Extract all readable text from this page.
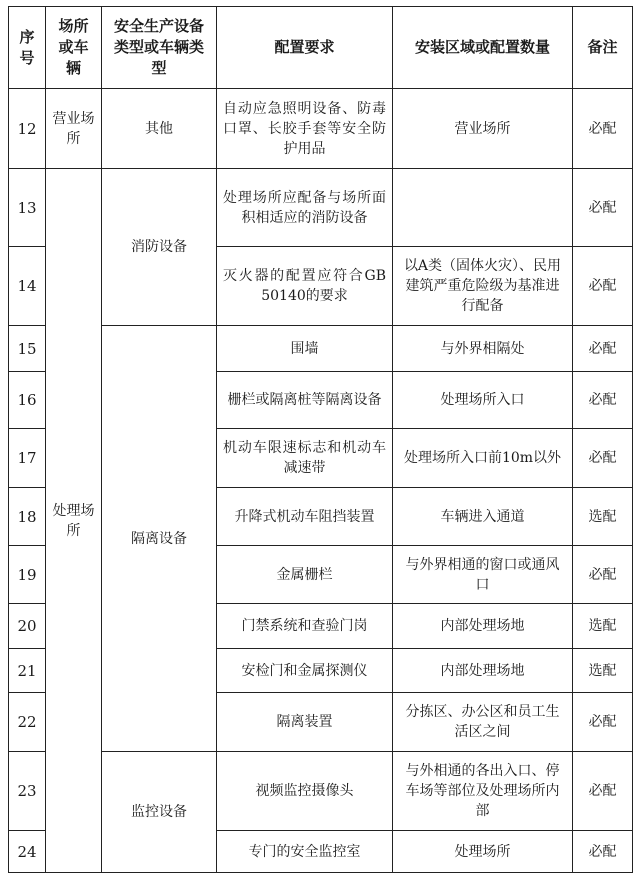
序号	场所或车辆	安全生产设备类型或车辆类型	配置要求	安装区域或配置数量	备注
12	营业场所	其他	自动应急照明设备、防毒口罩、长胶手套等安全防护用品	营业场所	必配
13	处理场所	消防设备	处理场所应配备与场所面积相适应的消防设备		必配
14			灭火器的配置应符合GB 50140的要求	以A类（固体火灾）、民用建筑严重危险级为基准进行配备	必配
15		隔离设备	围墙	与外界相隔处	必配
16			栅栏或隔离桩等隔离设备	处理场所入口	必配
17			机动车限速标志和机动车减速带	处理场所入口前10m以外	必配
18			升降式机动车阻挡装置	车辆进入通道	选配
19			金属栅栏	与外界相通的窗口或通风口	必配
20			门禁系统和查验门岗	内部处理场地	选配
21			安检门和金属探测仪	内部处理场地	选配
22			隔离装置	分拣区、办公区和员工生活区之间	必配
23		监控设备	视频监控摄像头	与外相通的各出入口、停车场等部位及处理场所内部	必配
24			专门的安全监控室	处理场所	必配
